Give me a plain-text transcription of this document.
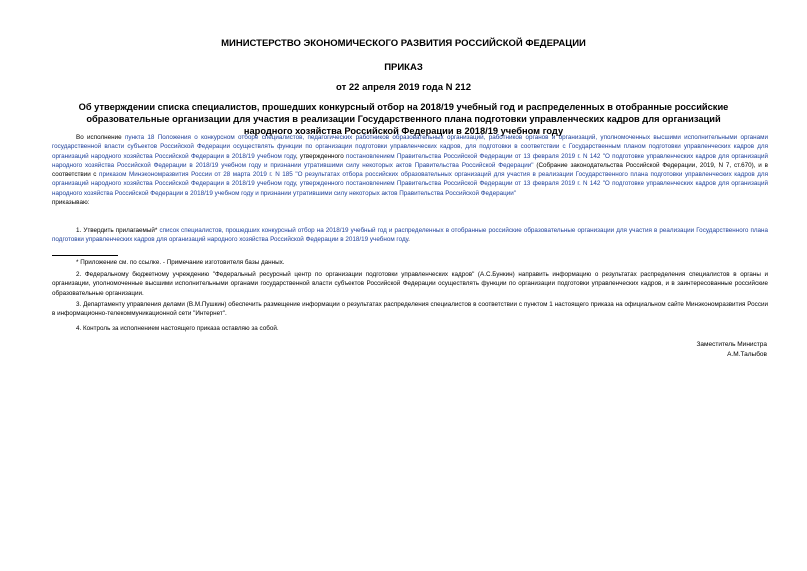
МИНИСТЕРСТВО ЭКОНОМИЧЕСКОГО РАЗВИТИЯ РОССИЙСКОЙ ФЕДЕРАЦИИ
ПРИКАЗ
от 22 апреля 2019 года N 212
Об утверждении списка специалистов, прошедших конкурсный отбор на 2018/19 учебный год и распределенных в отобранные российские образовательные организации для участия в реализации Государственного плана подготовки управленческих кадров для организаций народного хозяйства Российской Федерации в 2018/19 учебном году
Во исполнение пункта 18 Положения о конкурсном отборе специалистов, педагогических работников образовательных организаций, работников органов и организаций, уполномоченных высшими исполнительными органами государственной власти субъектов Российской Федерации осуществлять функции по организации подготовки управленческих кадров, для подготовки в соответствии с Государственным планом подготовки управленческих кадров для организаций народного хозяйства Российской Федерации в 2018/19 учебном году, утвержденного постановлением Правительства Российской Федерации от 13 февраля 2019 г. N 142 "О подготовке управленческих кадров для организаций народного хозяйства Российской Федерации в 2018/19 учебном году и признании утратившими силу некоторых актов Правительства Российской Федерации" (Собрание законодательства Российской Федерации, 2019, N 7, ст.670), и в соответствии с приказом Минэкономразвития России от 28 марта 2019 г. N 185 "О результатах отбора российских образовательных организаций для участия в реализации Государственного плана подготовки управленческих кадров для организаций народного хозяйства Российской Федерации в 2018/19 учебном году, утвержденного постановлением Правительства Российской Федерации от 13 февраля 2019 г. N 142 "О подготовке управленческих кадров для организаций народного хозяйства Российской Федерации в 2018/19 учебном году и признании утратившими силу некоторых актов Правительства Российской Федерации"
приказываю:
1. Утвердить прилагаемый* список специалистов, прошедших конкурсный отбор на 2018/19 учебный год и распределенных в отобранные российские образовательные организации для участия в реализации Государственного плана подготовки управленческих кадров для организаций народного хозяйства Российской Федерации в 2018/19 учебном году.
* Приложение см. по ссылке. - Примечание изготовителя базы данных.
2. Федеральному бюджетному учреждению "Федеральный ресурсный центр по организации подготовки управленческих кадров" (А.С.Бункин) направить информацию о результатах распределения специалистов в органы и организации, уполномоченные высшими исполнительными органами государственной власти субъектов Российской Федерации осуществлять функции по организации подготовки управленческих кадров, и в заинтересованные российские образовательные организации.
3. Департаменту управления делами (В.М.Пушкин) обеспечить размещение информации о результатах распределения специалистов в соответствии с пунктом 1 настоящего приказа на официальном сайте Минэкономразвития России в информационно-телекоммуникационной сети "Интернет".
4. Контроль за исполнением настоящего приказа оставляю за собой.
Заместитель Министра
А.М.Талыбов
